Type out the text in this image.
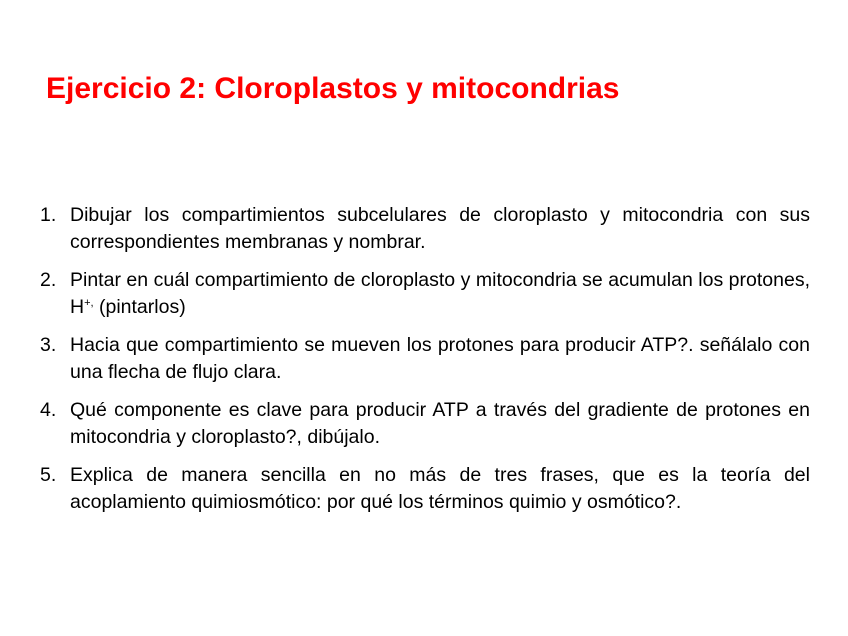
Ejercicio 2: Cloroplastos y mitocondrias
1. Dibujar los compartimientos subcelulares de cloroplasto y mitocondria con sus correspondientes membranas y nombrar.
2. Pintar en cuál compartimiento de cloroplasto y mitocondria se acumulan los protones, H+, (pintarlos)
3. Hacia que compartimiento se mueven los protones para producir ATP?. señálalo con una flecha de flujo clara.
4. Qué componente es clave para producir ATP a través del gradiente de protones en mitocondria y cloroplasto?, dibújalo.
5. Explica de manera sencilla en no más de tres frases, que es la teoría del acoplamiento quimiosmótico: por qué los términos quimio y osmótico?.
